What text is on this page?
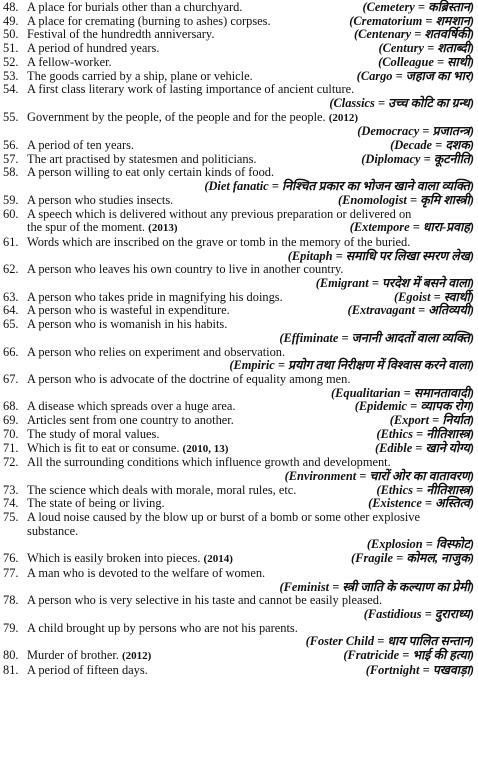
48. A place for burials other than a churchyard.	(Cemetery = कब्रिस्तान)
49. A place for cremating (burning to ashes) corpses.	(Crematorium = शमशान)
50. Festival of the hundredth anniversary.	(Centenary = शतवर्षिकी)
51. A period of hundred years.	(Century = शताब्दी)
52. A fellow-worker.	(Colleague = साथी)
53. The goods carried by a ship, plane or vehicle.	(Cargo = जहाज का भार)
54. A first class literary work of lasting importance of ancient culture.
(Classics = उच्च कोटि का ग्रन्थ)
55. Government by the people, of the people and for the people. (2012)
(Democracy = प्रजातन्त्र)
56. A period of ten years.	(Decade = दशक)
57. The art practised by statesmen and politicians.	(Diplomacy = कूटनीति)
58. A person willing to eat only certain kinds of food.
(Diet fanatic = निश्चित प्रकार का भोजन खाने वाला व्यक्ति)
59. A person who studies insects.	(Enomologist = कृमि शास्त्री)
60. A speech which is delivered without any previous preparation or delivered on
the spur of the moment. (2013)	(Extempore = धारा-प्रवाह)
61. Words which are inscribed on the grave or tomb in the memory of the buried.
(Epitaph = समाधि पर लिखा स्मरण लेख)
62. A person who leaves his own country to live in another country.
(Emigrant = परदेश में बसने वाला)
63. A person who takes pride in magnifying his doings.	(Egoist = स्वार्थी)
64. A person who is wasteful in expenditure.	(Extravagant = अतिव्ययी)
65. A person who is womanish in his habits.
(Effiminate = जनानी आदतों वाला व्यक्ति)
66. A person who relies on experiment and observation.
(Empiric = प्रयोग तथा निरीक्षण में विश्वास करने वाला)
67. A person who is advocate of the doctrine of equality among men.
(Equalitarian = समानतावादी)
68. A disease which spreads over a huge area.	(Epidemic = व्यापक रोग)
69. Articles sent from one country to another.	(Export = निर्यात)
70. The study of moral values.	(Ethics = नीतिशास्त्र)
71. Which is fit to eat or consume. (2010, 13)	(Edible = खाने योग्य)
72. All the surrounding conditions which influence growth and development.
(Environment = चारों ओर का वातावरण)
73. The science which deals with morale, moral rules, etc.	(Ethics = नीतिशास्त्र)
74. The state of being or living.	(Existence = अस्तित्व)
75. A loud noise caused by the blow up or burst of a bomb or some other explosive
substance.
(Explosion = विस्फोट)
76. Which is easily broken into pieces. (2014)	(Fragile = कोमल, नाजुक)
77. A man who is devoted to the welfare of women.
(Feminist = स्त्री जाति के कल्याण का प्रेमी)
78. A person who is very selective in his taste and cannot be easily pleased.
(Fastidious = दुराराध्य)
79. A child brought up by persons who are not his parents.
(Foster Child = धाय पालित सन्तान)
80. Murder of brother. (2012)	(Fratricide = भाई की हत्या)
81. A period of fifteen days.	(Fortnight = पखवाड़ा)
